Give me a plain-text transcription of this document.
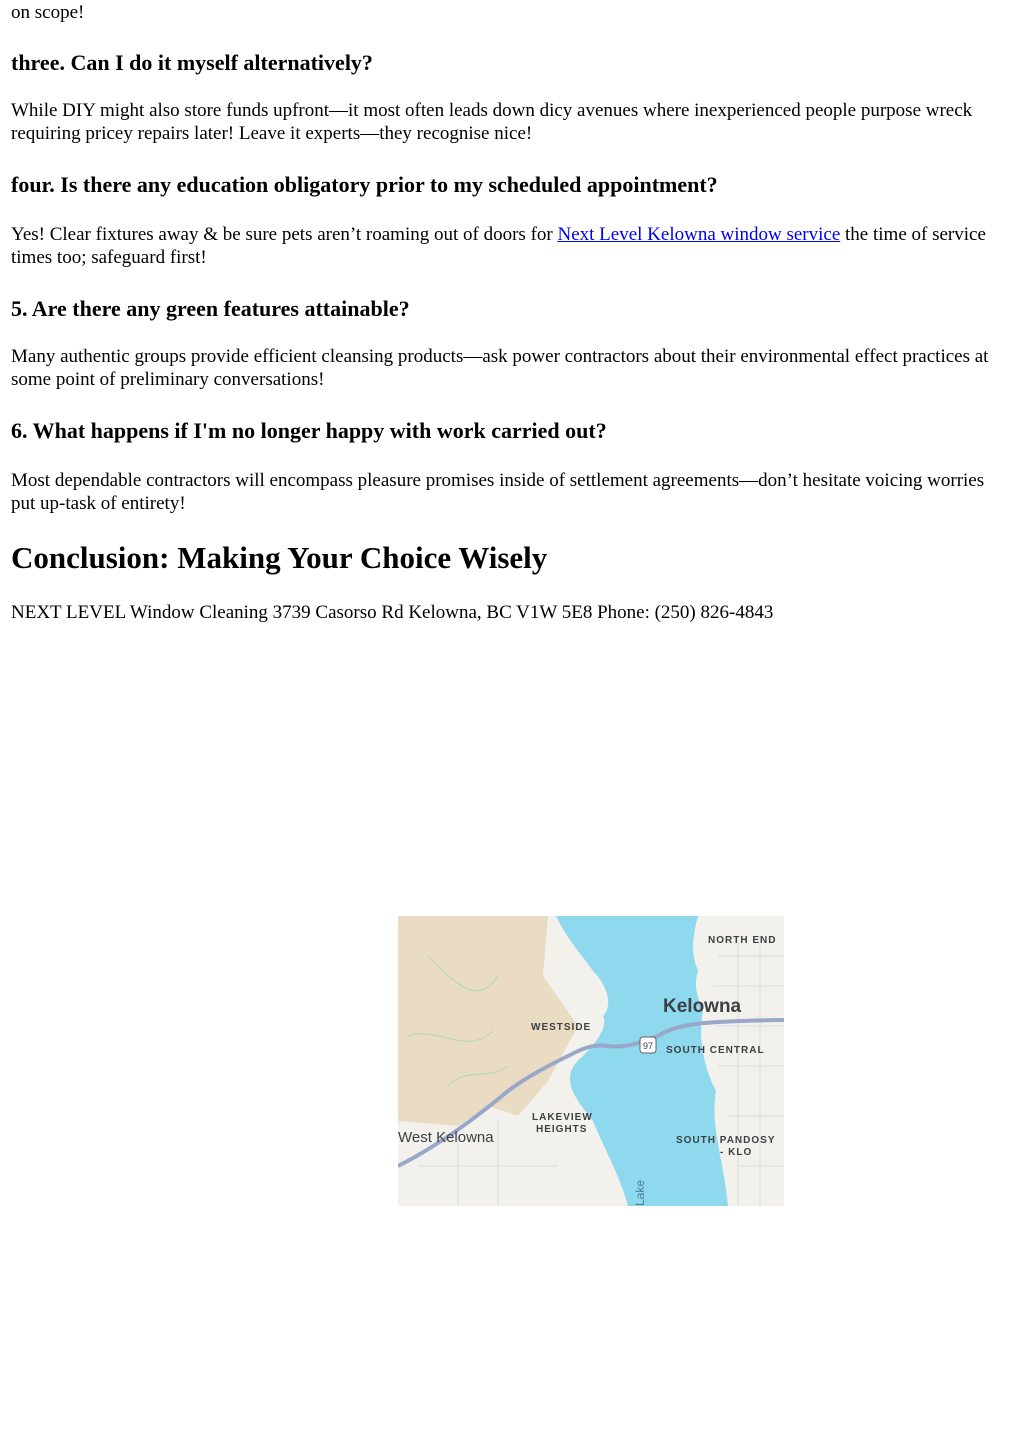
on scope!

three. Can I do it myself alternatively?

While DIY might also store funds upfront—it most often leads down dicy avenues where inexperienced people purpose wreck requiring pricey repairs later! Leave it experts—they recognise nice!

four. Is there any education obligatory prior to my scheduled appointment?

Yes! Clear fixtures away & be sure pets aren’t roaming out of doors for Next Level Kelowna window service the time of service times too; safeguard first!

5. Are there any green features attainable?

Many authentic groups provide efficient cleansing products—ask power contractors about their environmental effect practices at some point of preliminary conversations!

6. What happens if I'm no longer happy with work carried out?

Most dependable contractors will encompass pleasure promises inside of settlement agreements—don’t hesitate voicing worries put up-task of entirety!

Conclusion: Making Your Choice Wisely

NEXT LEVEL Window Cleaning 3739 Casorso Rd Kelowna, BC V1W 5E8 Phone: (250) 826-4843

NORTH END
Kelowna
WESTSIDE
97 SOUTH CENTRAL
LAKEVIEW
HEIGHTS
West Kelowna	SOUTH PANDOSY
- KLO
Lake
